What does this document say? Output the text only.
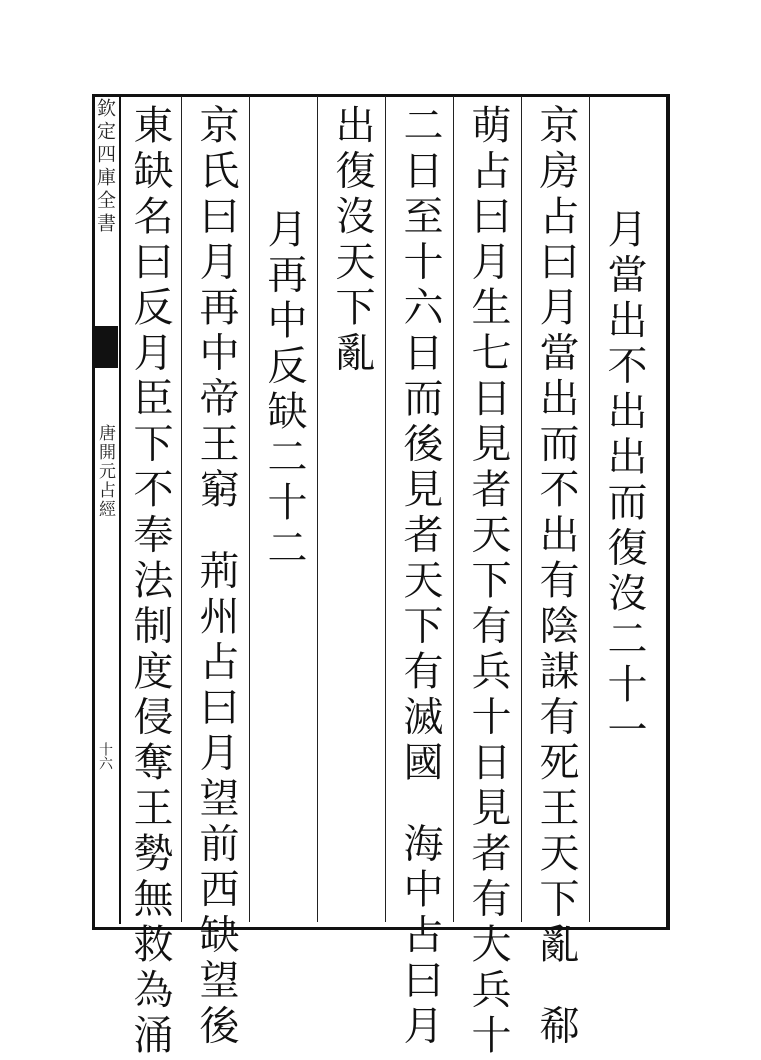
欽定四庫全書
唐開元占經
十六
月當出不出出而復沒二十一
京房占曰月當出而不出有陰謀有死王天下亂郗
萌占曰月生七日見者天下有兵十日見者有大兵十
二日至十六日而後見者天下有滅國海中占曰月
出復沒天下亂
月再中反缺二十二
京氏曰月再中帝王窮荊州占曰月望前西缺望後
東缺名曰反月臣下不奉法制度侵奪王勢無救為涌
